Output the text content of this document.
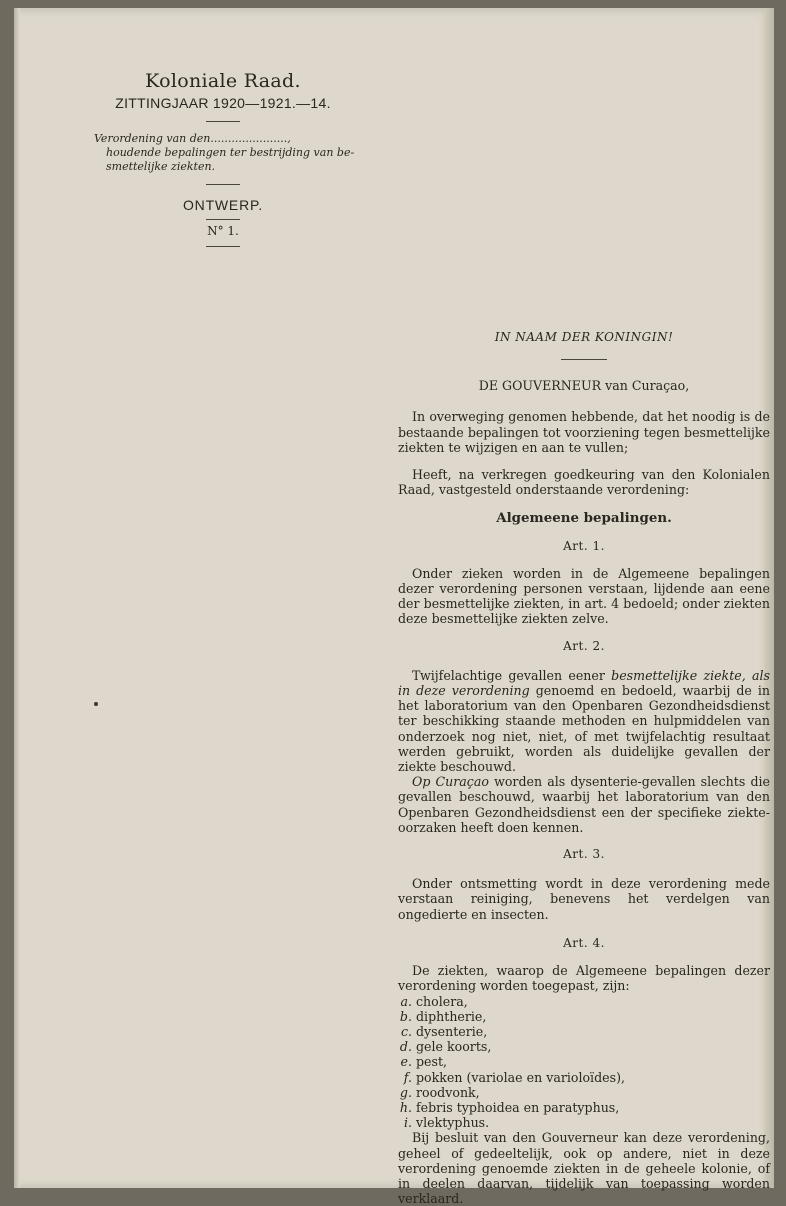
Koloniale Raad.
ZITTINGJAAR 1920—1921.—14.
Verordening van den......................,
houdende bepalingen ter bestrijding van be-
smettelijke ziekten.
ONTWERP.
N° 1.
IN NAAM DER KONINGIN!
DE GOUVERNEUR van Curaçao,

In overweging genomen hebbende, dat het noodig is de bestaande bepalingen tot voorziening tegen besmettelijke ziekten te wijzigen en aan te vullen;

Heeft, na verkregen goedkeuring van den Kolonialen Raad, vastgesteld onderstaande verordening:

Algemeene bepalingen.
Art. 1.

Onder zieken worden in de Algemeene bepalingen dezer verordening personen verstaan, lijdende aan eene der besmettelijke ziekten, in art. 4 bedoeld; onder ziekten deze besmettelijke ziekten zelve.

Art. 2.

Twijfelachtige gevallen eener besmettelijke ziekte, als in deze verordening genoemd en bedoeld, waarbij de in het laboratorium van den Openbaren Gezondheidsdienst ter beschikking staande methoden en hulpmiddelen van onderzoek nog niet, niet, of met twijfelachtig resultaat werden gebruikt, worden als duidelijke gevallen der ziekte beschouwd.

Op Curaçao worden als dysenterie-gevallen slechts die gevallen beschouwd, waarbij het laboratorium van den Openbaren Gezondheidsdienst een der specifieke ziekte-oorzaken heeft doen kennen.

Art. 3.

Onder ontsmetting wordt in deze verordening mede verstaan reiniging, benevens het verdelgen van ongedierte en insecten.

Art. 4.

De ziekten, waarop de Algemeene bepalingen dezer verordening worden toegepast, zijn:

a. cholera,
b. diphtherie,
c. dysenterie,
d. gele koorts,
e. pest,
f. pokken (variolae en varioloïdes),
g. roodvonk,
h. febris typhoidea en paratyphus,
i. vlektyphus.

Bij besluit van den Gouverneur kan deze verordening, geheel of gedeeltelijk, ook op andere, niet in deze verordening genoemde ziekten in de geheele kolonie, of in deelen daarvan, tijdelijk van toepassing worden verklaard.
